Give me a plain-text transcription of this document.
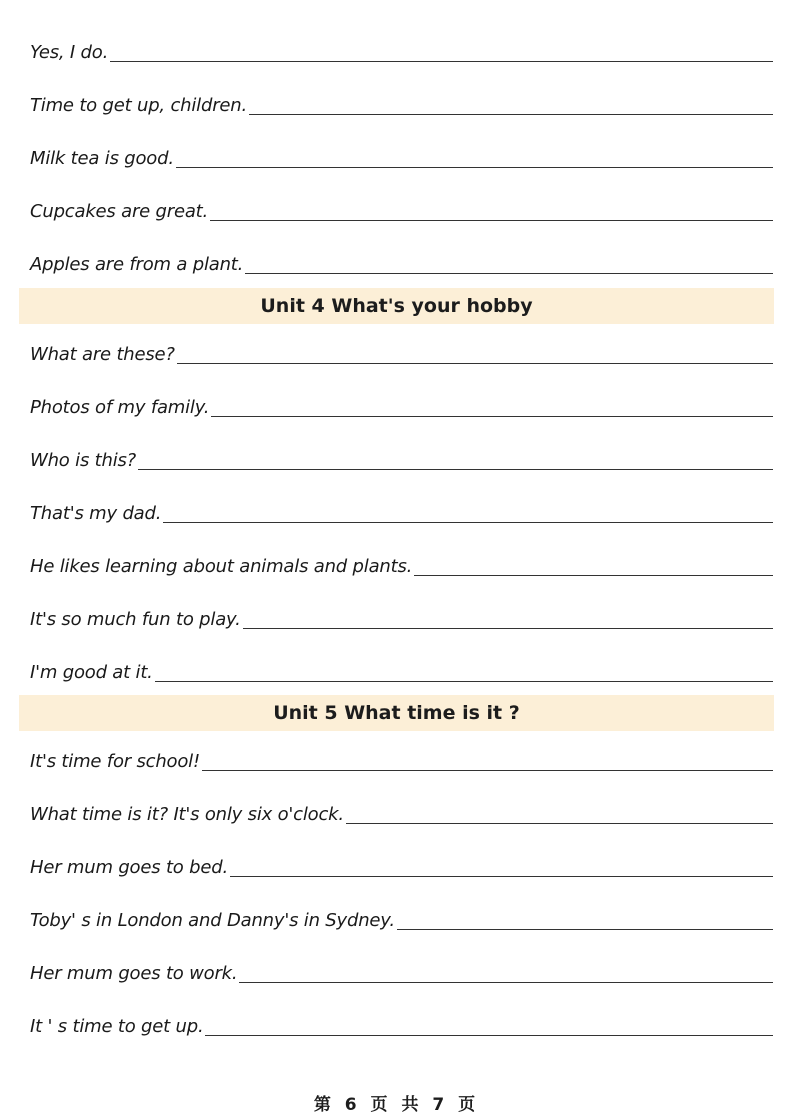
Yes, I do.
Time to get up, children.
Milk tea is good.
Cupcakes are great.
Apples are from a plant.
Unit 4 What's your hobby
What are these?
Photos of my family.
Who is this?
That's my dad.
He likes learning about animals and plants.
It's so much fun to play.
I'm good at it.
Unit 5 What time is it ?
It's time for school!
What time is it? It's only six o'clock.
Her mum goes to bed.
Toby' s in London and Danny's in Sydney.
Her mum goes to work.
It ' s time to get up.
第 6 页 共 7 页
